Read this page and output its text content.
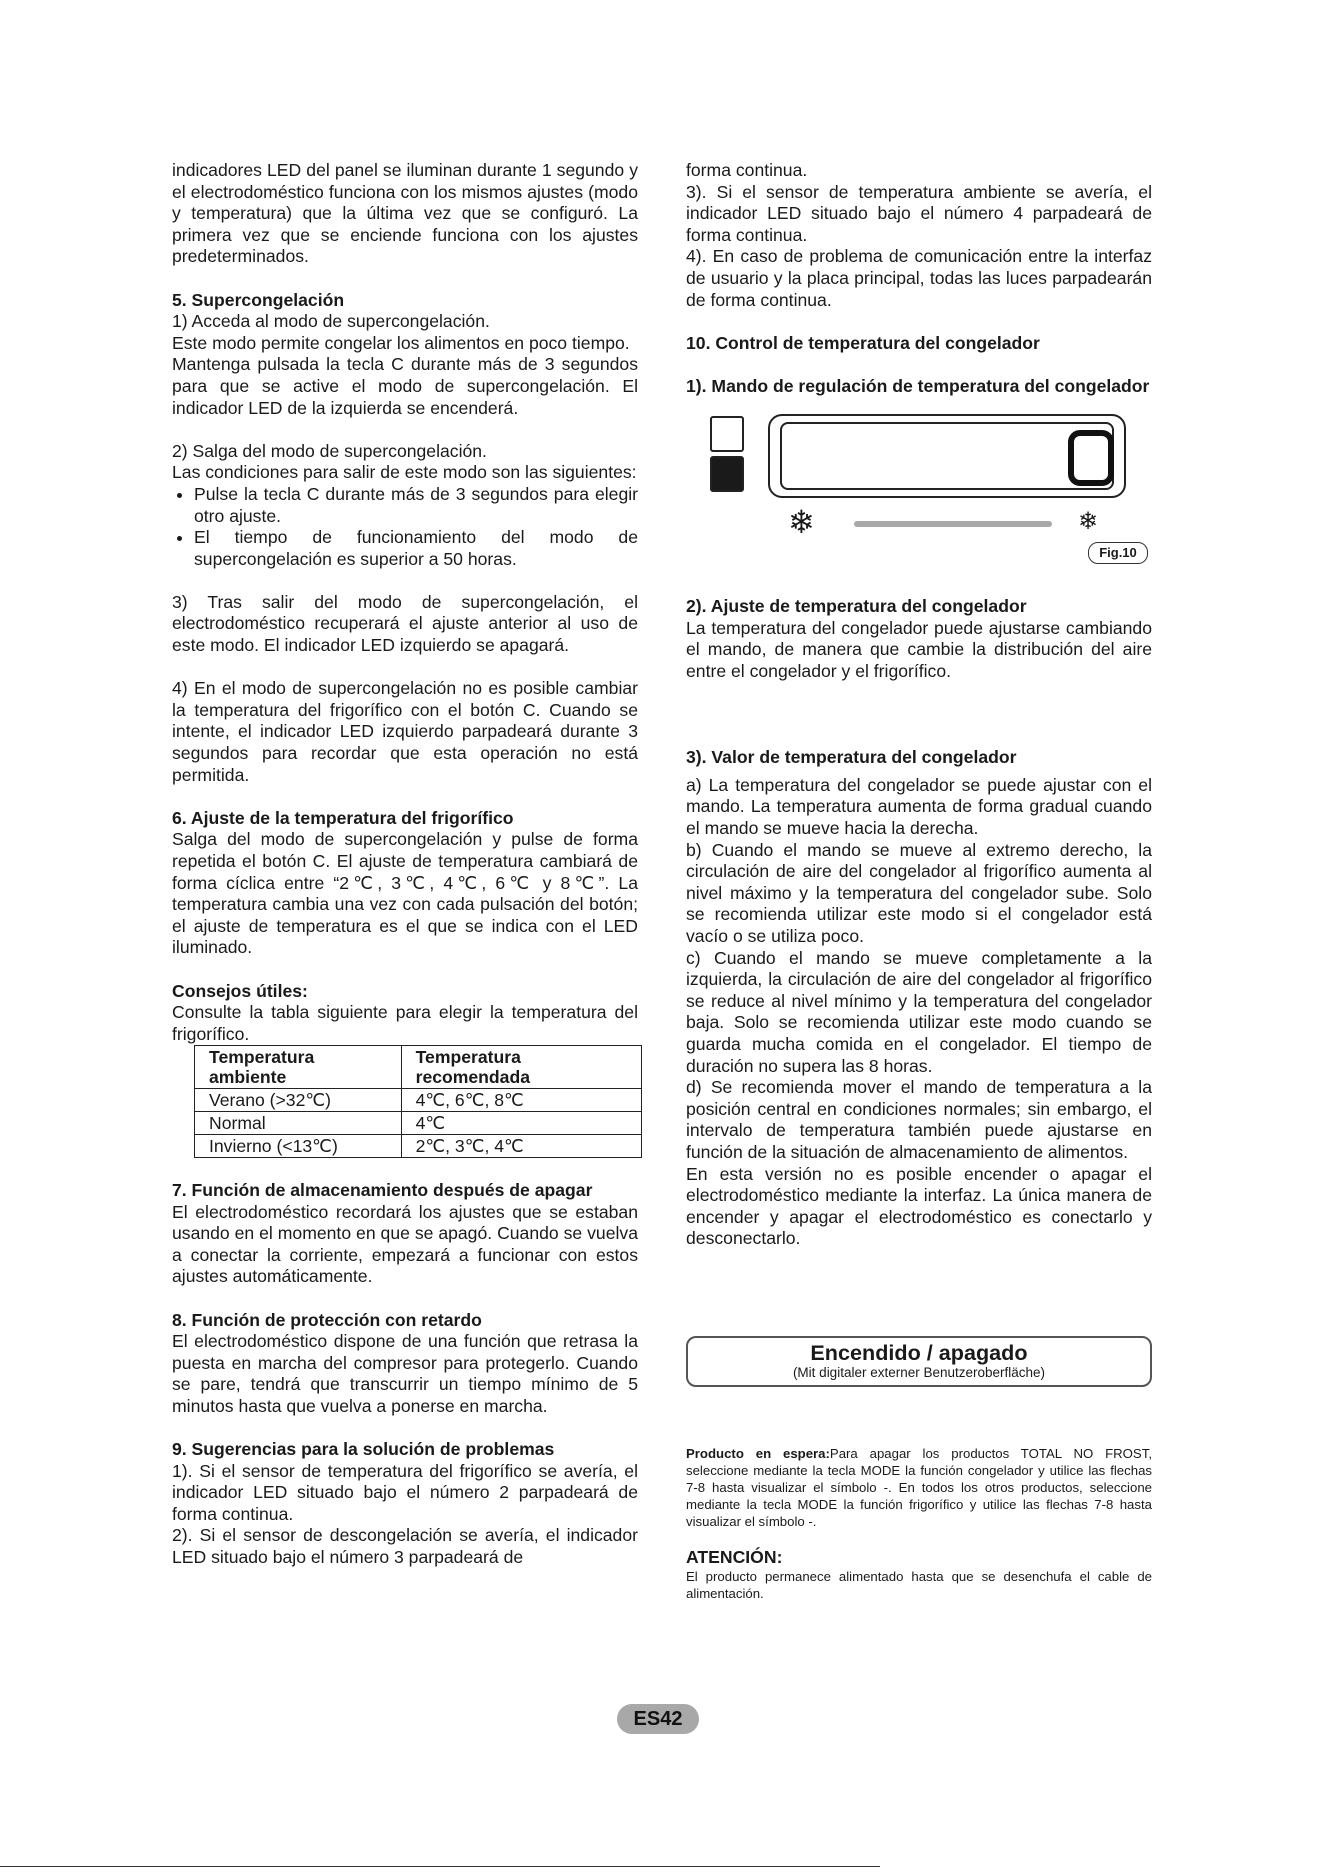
indicadores LED del panel se iluminan durante 1 segundo y el electrodoméstico funciona con los mismos ajustes (modo y temperatura) que la última vez que se configuró. La primera vez que se enciende funciona con los ajustes predeterminados.

5. Supercongelación

1) Acceda al modo de supercongelación.

Este modo permite congelar los alimentos en poco tiempo.

Mantenga pulsada la tecla C durante más de 3 segundos para que se active el modo de supercongelación. El indicador LED de la izquierda se encenderá.

2) Salga del modo de supercongelación.

Las condiciones para salir de este modo son las siguientes:

• Pulse la tecla C durante más de 3 segundos para elegir otro ajuste.
• El tiempo de funcionamiento del modo de supercongelación es superior a 50 horas.

3) Tras salir del modo de supercongelación, el electrodoméstico recuperará el ajuste anterior al uso de este modo. El indicador LED izquierdo se apagará.

4) En el modo de supercongelación no es posible cambiar la temperatura del frigorífico con el botón C. Cuando se intente, el indicador LED izquierdo parpadeará durante 3 segundos para recordar que esta operación no está permitida.

6. Ajuste de la temperatura del frigorífico

Salga del modo de supercongelación y pulse de forma repetida el botón C. El ajuste de temperatura cambiará de forma cíclica entre “2℃, 3℃, 4℃, 6℃ y 8℃”. La temperatura cambia una vez con cada pulsación del botón; el ajuste de temperatura es el que se indica con el LED iluminado.

Consejos útiles:

Consulte la tabla siguiente para elegir la temperatura del frigorífico.

Temperatura ambiente	Temperatura recomendada
Verano (>32℃)	4℃, 6℃, 8℃
Normal	4℃
Invierno (<13℃)	2℃, 3℃, 4℃
7. Función de almacenamiento después de apagar

El electrodoméstico recordará los ajustes que se estaban usando en el momento en que se apagó. Cuando se vuelva a conectar la corriente, empezará a funcionar con estos ajustes automáticamente.

8. Función de protección con retardo

El electrodoméstico dispone de una función que retrasa la puesta en marcha del compresor para protegerlo. Cuando se pare, tendrá que transcurrir un tiempo mínimo de 5 minutos hasta que vuelva a ponerse en marcha.

9. Sugerencias para la solución de problemas

1). Si el sensor de temperatura del frigorífico se avería, el indicador LED situado bajo el número 2 parpadeará de forma continua.

2). Si el sensor de descongelación se avería, el indicador LED situado bajo el número 3 parpadeará de

forma continua.

3). Si el sensor de temperatura ambiente se avería, el indicador LED situado bajo el número 4 parpadeará de forma continua.

4). En caso de problema de comunicación entre la interfaz de usuario y la placa principal, todas las luces parpadearán de forma continua.

10. Control de temperatura del congelador
1). Mando de regulación de temperatura del congelador
❄	❄
Fig.10
2). Ajuste de temperatura del congelador

La temperatura del congelador puede ajustarse cambiando el mando, de manera que cambie la distribución del aire entre el congelador y el frigorífico.

3). Valor de temperatura del congelador

a) La temperatura del congelador se puede ajustar con el mando. La temperatura aumenta de forma gradual cuando el mando se mueve hacia la derecha.

b) Cuando el mando se mueve al extremo derecho, la circulación de aire del congelador al frigorífico aumenta al nivel máximo y la temperatura del congelador sube. Solo se recomienda utilizar este modo si el congelador está vacío o se utiliza poco.

c) Cuando el mando se mueve completamente a la izquierda, la circulación de aire del congelador al frigorífico se reduce al nivel mínimo y la temperatura del congelador baja. Solo se recomienda utilizar este modo cuando se guarda mucha comida en el congelador. El tiempo de duración no supera las 8 horas.

d) Se recomienda mover el mando de temperatura a la posición central en condiciones normales; sin embargo, el intervalo de temperatura también puede ajustarse en función de la situación de almacenamiento de alimentos.

En esta versión no es posible encender o apagar el electrodoméstico mediante la interfaz. La única manera de encender y apagar el electrodoméstico es conectarlo y desconectarlo.

Encendido / apagado
(Mit digitaler externer Benutzeroberfläche)

Producto en espera:Para apagar los productos TOTAL NO FROST, seleccione mediante la tecla MODE la función congelador y utilice las flechas 7-8 hasta visualizar el símbolo -. En todos los otros productos, seleccione mediante la tecla MODE la función frigorífico y utilice las flechas 7-8 hasta visualizar el símbolo -.

ATENCIÓN:

El producto permanece alimentado hasta que se desenchufa el cable de alimentación.

ES42
